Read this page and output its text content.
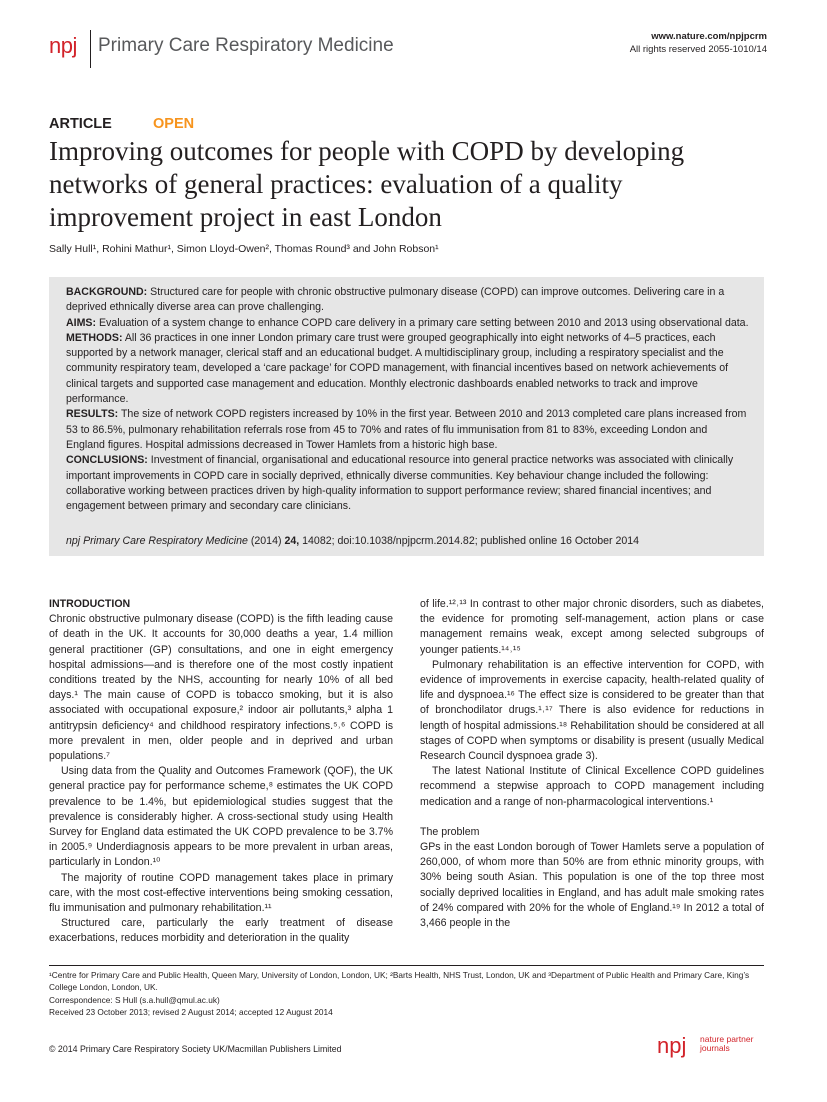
npj Primary Care Respiratory Medicine	www.nature.com/npjpcrm
All rights reserved 2055-1010/14
ARTICLE	OPEN
Improving outcomes for people with COPD by developing networks of general practices: evaluation of a quality improvement project in east London
Sally Hull¹, Rohini Mathur¹, Simon Lloyd-Owen², Thomas Round³ and John Robson¹

BACKGROUND: Structured care for people with chronic obstructive pulmonary disease (COPD) can improve outcomes. Delivering care in a deprived ethnically diverse area can prove challenging.

AIMS: Evaluation of a system change to enhance COPD care delivery in a primary care setting between 2010 and 2013 using observational data.

METHODS: All 36 practices in one inner London primary care trust were grouped geographically into eight networks of 4–5 practices, each supported by a network manager, clerical staff and an educational budget. A multidisciplinary group, including a respiratory specialist and the community respiratory team, developed a ‘care package’ for COPD management, with financial incentives based on network achievements of clinical targets and supported case management and education. Monthly electronic dashboards enabled networks to track and improve performance.

RESULTS: The size of network COPD registers increased by 10% in the first year. Between 2010 and 2013 completed care plans increased from 53 to 86.5%, pulmonary rehabilitation referrals rose from 45 to 70% and rates of flu immunisation from 81 to 83%, exceeding London and England figures. Hospital admissions decreased in Tower Hamlets from a historic high base.

CONCLUSIONS: Investment of financial, organisational and educational resource into general practice networks was associated with clinically important improvements in COPD care in socially deprived, ethnically diverse communities. Key behaviour change included the following: collaborative working between practices driven by high-quality information to support performance review; shared financial incentives; and engagement between primary and secondary care clinicians.

npj Primary Care Respiratory Medicine (2014) 24, 14082; doi:10.1038/npjpcrm.2014.82; published online 16 October 2014

INTRODUCTION

Chronic obstructive pulmonary disease (COPD) is the fifth leading cause of death in the UK. It accounts for 30,000 deaths a year, 1.4 million general practitioner (GP) consultations, and one in eight emergency hospital admissions—and is therefore one of the most costly inpatient conditions treated by the NHS, accounting for nearly 10% of all bed days.¹ The main cause of COPD is tobacco smoking, but it is also associated with occupational exposure,² indoor air pollutants,³ alpha 1 antitrypsin deficiency⁴ and childhood respiratory infections.⁵˒⁶ COPD is more prevalent in men, older people and in deprived and urban populations.⁷

Using data from the Quality and Outcomes Framework (QOF), the UK general practice pay for performance scheme,⁸ estimates the UK COPD prevalence to be 1.4%, but epidemiological studies suggest that the prevalence is considerably higher. A cross-sectional study using Health Survey for England data estimated the UK COPD prevalence to be 3.7% in 2005.⁹ Underdiagnosis appears to be more prevalent in urban areas, particularly in London.¹⁰

The majority of routine COPD management takes place in primary care, with the most cost-effective interventions being smoking cessation, flu immunisation and pulmonary rehabilitation.¹¹

Structured care, particularly the early treatment of disease exacerbations, reduces morbidity and deterioration in the quality

of life.¹²˒¹³ In contrast to other major chronic disorders, such as diabetes, the evidence for promoting self-management, action plans or case management remains weak, except among selected subgroups of younger patients.¹⁴˒¹⁵

Pulmonary rehabilitation is an effective intervention for COPD, with evidence of improvements in exercise capacity, health-related quality of life and dyspnoea.¹⁶ The effect size is considered to be greater than that of bronchodilator drugs.¹˒¹⁷ There is also evidence for reductions in length of hospital admissions.¹⁸ Rehabilitation should be considered at all stages of COPD when symptoms or disability is present (usually Medical Research Council dyspnoea grade 3).

The latest National Institute of Clinical Excellence COPD guidelines recommend a stepwise approach to COPD management including medication and a range of non-pharmacological interventions.¹

The problem

GPs in the east London borough of Tower Hamlets serve a population of 260,000, of whom more than 50% are from ethnic minority groups, with 30% being south Asian. This population is one of the top three most socially deprived localities in England, and has adult male smoking rates of 24% compared with 20% for the whole of England.¹⁹ In 2012 a total of 3,466 people in the

¹Centre for Primary Care and Public Health, Queen Mary, University of London, London, UK; ²Barts Health, NHS Trust, London, UK and ³Department of Public Health and Primary Care, King’s College London, London, UK.

Correspondence: S Hull (s.a.hull@qmul.ac.uk)

Received 23 October 2013; revised 2 August 2014; accepted 12 August 2014

© 2014 Primary Care Respiratory Society UK/Macmillan Publishers Limited	npj nature partner
journals
